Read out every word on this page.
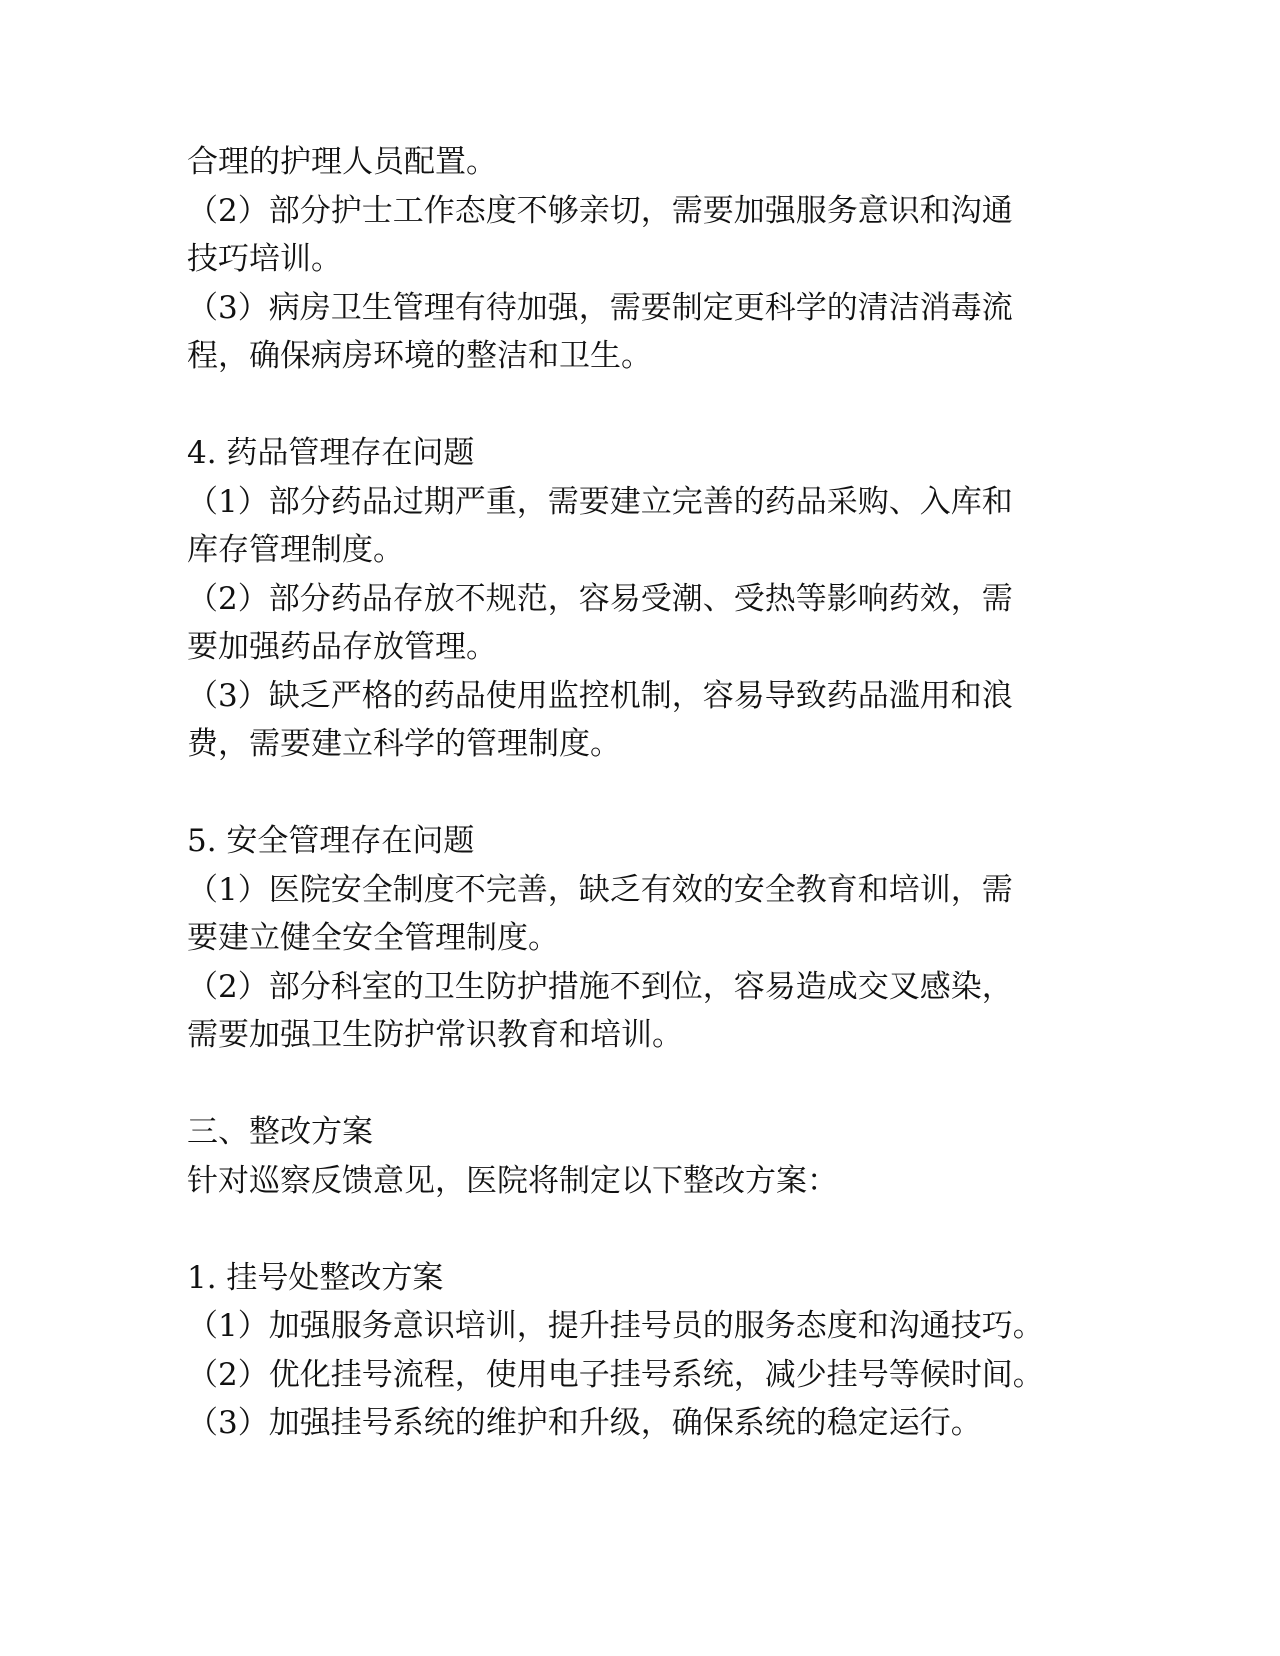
合理的护理人员配置。
（2）部分护士工作态度不够亲切，需要加强服务意识和沟通
技巧培训。
（3）病房卫生管理有待加强，需要制定更科学的清洁消毒流
程，确保病房环境的整洁和卫生。
4. 药品管理存在问题
（1）部分药品过期严重，需要建立完善的药品采购、入库和
库存管理制度。
（2）部分药品存放不规范，容易受潮、受热等影响药效，需
要加强药品存放管理。
（3）缺乏严格的药品使用监控机制，容易导致药品滥用和浪
费，需要建立科学的管理制度。
5. 安全管理存在问题
（1）医院安全制度不完善，缺乏有效的安全教育和培训，需
要建立健全安全管理制度。
（2）部分科室的卫生防护措施不到位，容易造成交叉感染，
需要加强卫生防护常识教育和培训。
三、整改方案
针对巡察反馈意见，医院将制定以下整改方案：
1. 挂号处整改方案
（1）加强服务意识培训，提升挂号员的服务态度和沟通技巧。
（2）优化挂号流程，使用电子挂号系统，减少挂号等候时间。
（3）加强挂号系统的维护和升级，确保系统的稳定运行。
